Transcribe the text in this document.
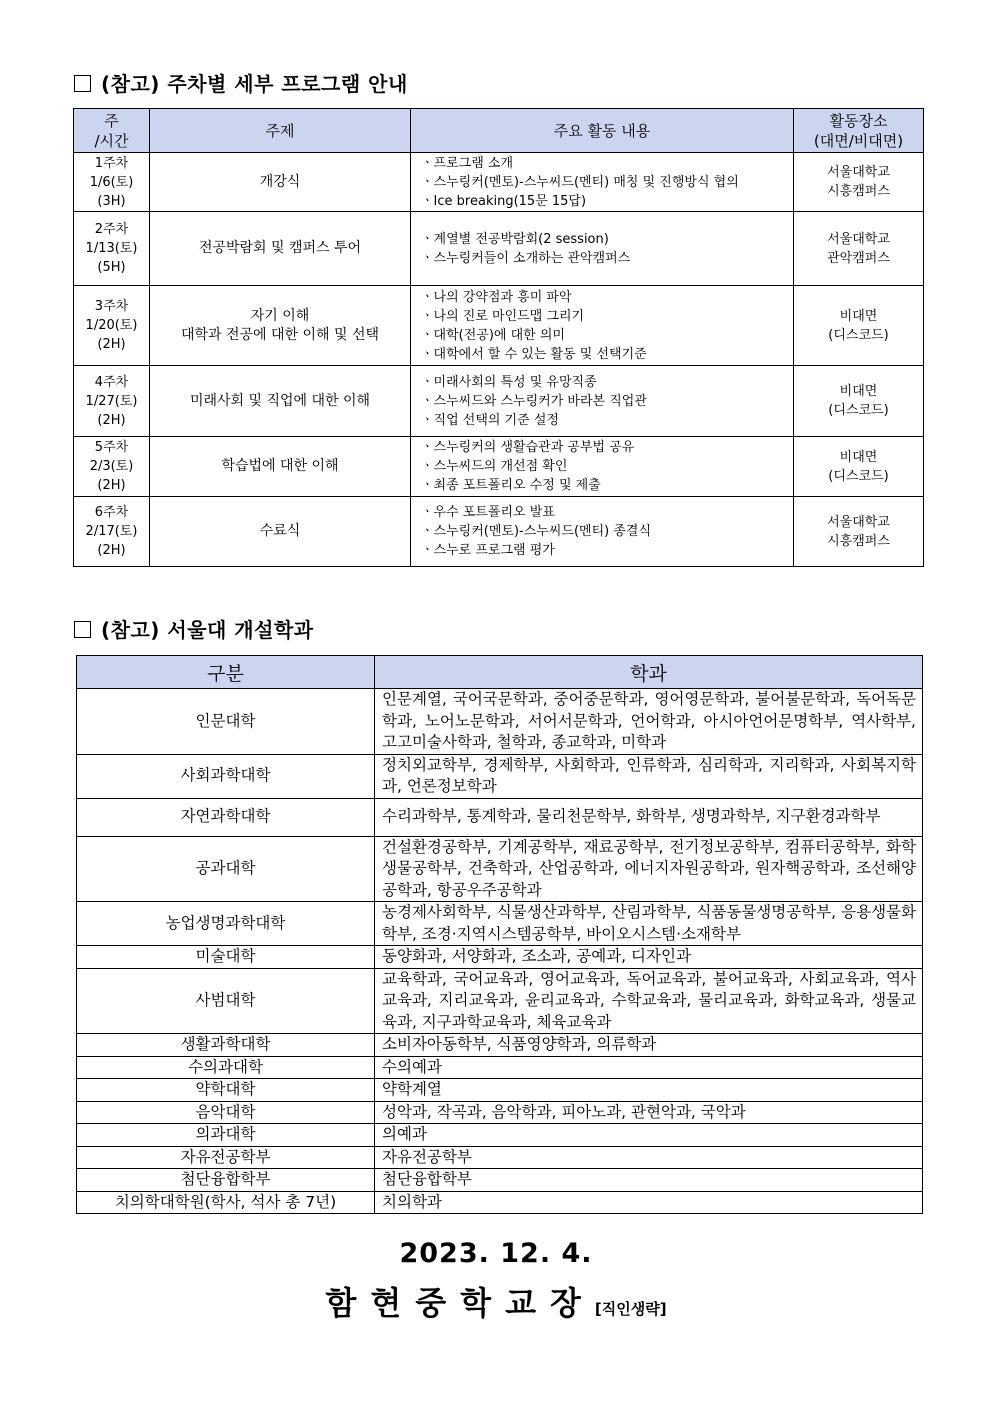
(참고) 주차별 세부 프로그램 안내
주
/시간	주제	주요 활동 내용	활동장소
(대면/비대면)

1주차
1/6(토)
(3H)	개강식	ㆍ프로그램 소개
ㆍ스누링커(멘토)-스누씨드(멘티) 매칭 및 진행방식 협의
ㆍIce breaking(15문 15답)	서울대학교
시흥캠퍼스

2주차
1/13(토)
(5H)	전공박람회 및 캠퍼스 투어	ㆍ계열별 전공박람회(2 session)
ㆍ스누링커들이 소개하는 관악캠퍼스	서울대학교
관악캠퍼스

3주차
1/20(토)
(2H)	자기 이해
대학과 전공에 대한 이해 및 선택	ㆍ나의 강약점과 흥미 파악
ㆍ나의 진로 마인드맵 그리기
ㆍ대학(전공)에 대한 의미
ㆍ대학에서 할 수 있는 활동 및 선택기준	비대면
(디스코드)

4주차
1/27(토)
(2H)	미래사회 및 직업에 대한 이해	ㆍ미래사회의 특성 및 유망직종
ㆍ스누씨드와 스누링커가 바라본 직업관
ㆍ직업 선택의 기준 설정	비대면
(디스코드)

5주차
2/3(토)
(2H)	학습법에 대한 이해	ㆍ스누링커의 생활습관과 공부법 공유
ㆍ스누씨드의 개선점 확인
ㆍ최종 포트폴리오 수정 및 제출	비대면
(디스코드)

6주차
2/17(토)
(2H)	수료식	ㆍ우수 포트폴리오 발표
ㆍ스누링커(멘토)-스누씨드(멘티) 종결식
ㆍ스누로 프로그램 평가	서울대학교
시흥캠퍼스
(참고) 서울대 개설학과
구분	학과
인문대학	인문계열, 국어국문학과, 중어중문학과, 영어영문학과, 불어불문학과, 독어독문학과, 노어노문학과, 서어서문학과, 언어학과, 아시아언어문명학부, 역사학부, 고고미술사학과, 철학과, 종교학과, 미학과
사회과학대학	정치외교학부, 경제학부, 사회학과, 인류학과, 심리학과, 지리학과, 사회복지학과, 언론정보학과
자연과학대학	수리과학부, 통계학과, 물리천문학부, 화학부, 생명과학부, 지구환경과학부
공과대학	건설환경공학부, 기계공학부, 재료공학부, 전기정보공학부, 컴퓨터공학부, 화학생물공학부, 건축학과, 산업공학과, 에너지자원공학과, 원자핵공학과, 조선해양공학과, 항공우주공학과
농업생명과학대학	농경제사회학부, 식물생산과학부, 산림과학부, 식품동물생명공학부, 응용생물화학부, 조경·지역시스템공학부, 바이오시스템·소재학부
미술대학	동양화과, 서양화과, 조소과, 공예과, 디자인과
사범대학	교육학과, 국어교육과, 영어교육과, 독어교육과, 불어교육과, 사회교육과, 역사교육과, 지리교육과, 윤리교육과, 수학교육과, 물리교육과, 화학교육과, 생물교육과, 지구과학교육과, 체육교육과
생활과학대학	소비자아동학부, 식품영양학과, 의류학과
수의과대학	수의예과
약학대학	약학계열
음악대학	성악과, 작곡과, 음악학과, 피아노과, 관현악과, 국악과
의과대학	의예과
자유전공학부	자유전공학부
첨단융합학부	첨단융합학부
치의학대학원(학사, 석사 총 7년)	치의학과
2023. 12. 4.
함현중학교장[직인생략]
